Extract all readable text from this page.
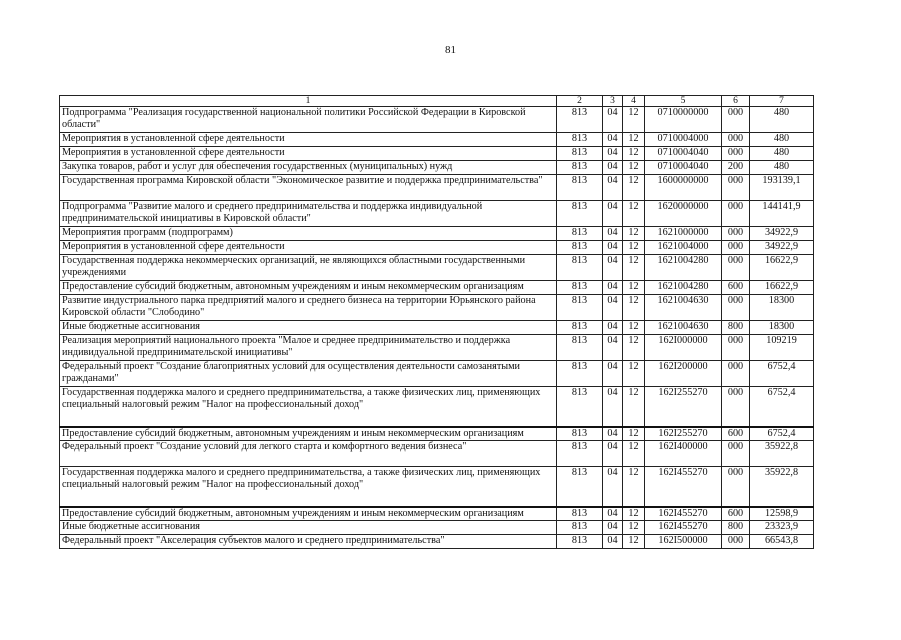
81
1	2	3	4	5	6	7
Подпрограмма "Реализация государственной национальной политики Российской Федерации в Кировской области"	813	04	12	0710000000	000	480
Мероприятия в установленной сфере деятельности	813	04	12	0710004000	000	480
Мероприятия в установленной сфере деятельности	813	04	12	0710004040	000	480
Закупка товаров, работ и услуг для обеспечения государственных (муниципальных) нужд	813	04	12	0710004040	200	480
Государственная программа Кировской области "Экономическое развитие и поддержка предпринимательства"	813	04	12	1600000000	000	193139,1
Подпрограмма "Развитие малого и среднего предпринимательства и поддержка индивидуальной предпринимательской инициативы в Кировской области"	813	04	12	1620000000	000	144141,9
Мероприятия программ (подпрограмм)	813	04	12	1621000000	000	34922,9
Мероприятия в установленной сфере деятельности	813	04	12	1621004000	000	34922,9
Государственная поддержка некоммерческих организаций, не являющихся областными государственными учреждениями	813	04	12	1621004280	000	16622,9
Предоставление субсидий бюджетным, автономным учреждениям и иным некоммерческим организациям	813	04	12	1621004280	600	16622,9
Развитие индустриального парка предприятий малого и среднего бизнеса на территории Юрьянского района Кировской области "Слободино"	813	04	12	1621004630	000	18300
Иные бюджетные ассигнования	813	04	12	1621004630	800	18300
Реализация мероприятий национального проекта "Малое и среднее предпринимательство и поддержка индивидуальной предпринимательской инициативы"	813	04	12	162I000000	000	109219
Федеральный проект "Создание благоприятных условий для осуществления деятельности самозанятыми гражданами"	813	04	12	162I200000	000	6752,4
Государственная поддержка малого и среднего предпринимательства, а также физических лиц, применяющих специальный налоговый режим "Налог на профессиональный доход"	813	04	12	162I255270	000	6752,4
Предоставление субсидий бюджетным, автономным учреждениям и иным некоммерческим организациям	813	04	12	162I255270	600	6752,4
Федеральный проект "Создание условий для легкого старта и комфортного ведения бизнеса"	813	04	12	162I400000	000	35922,8
Государственная поддержка малого и среднего предпринимательства, а также физических лиц, применяющих специальный налоговый режим "Налог на профессиональный доход"	813	04	12	162I455270	000	35922,8
Предоставление субсидий бюджетным, автономным учреждениям и иным некоммерческим организациям	813	04	12	162I455270	600	12598,9
Иные бюджетные ассигнования	813	04	12	162I455270	800	23323,9
Федеральный проект "Акселерация субъектов малого и среднего предпринимательства"	813	04	12	162I500000	000	66543,8
